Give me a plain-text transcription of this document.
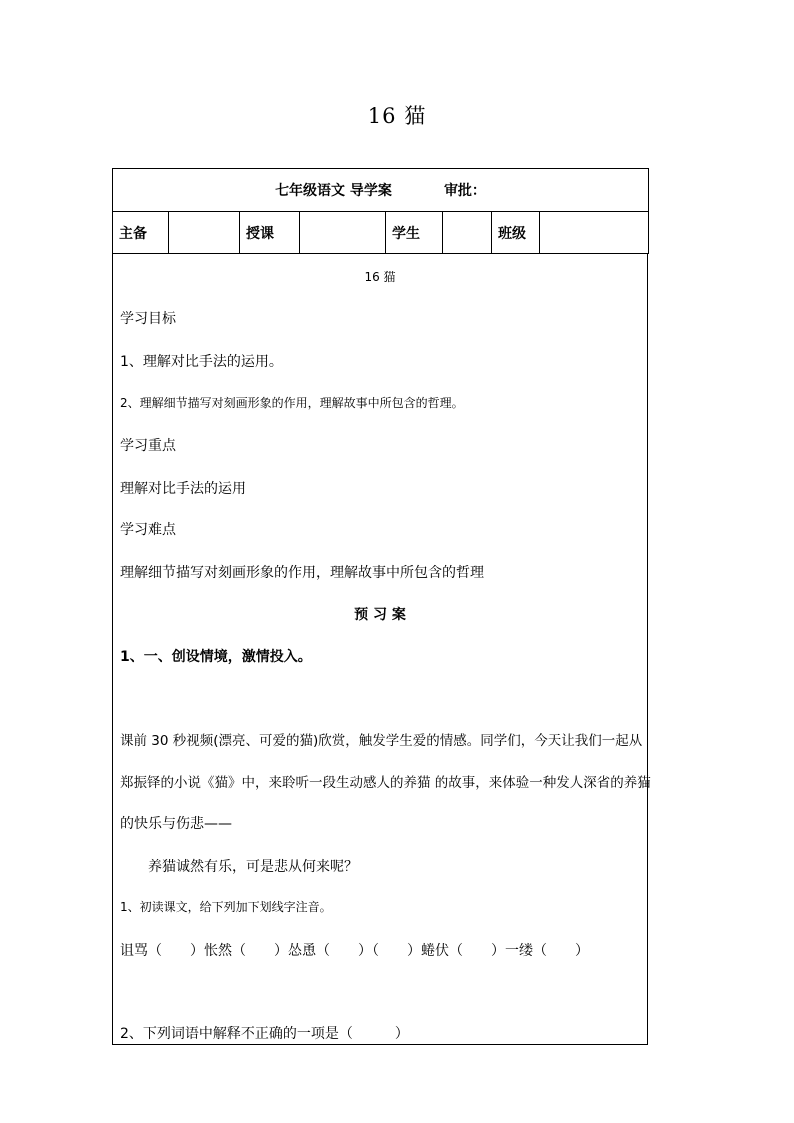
16 猫
七年级语文 导学案	审批：
主备		授课		学生		班级	
16 猫
学习目标
1、理解对比手法的运用。
2、理解细节描写对刻画形象的作用，理解故事中所包含的哲理。
学习重点
理解对比手法的运用
学习难点
理解细节描写对刻画形象的作用，理解故事中所包含的哲理
预 习 案
1、一、创设情境，激情投入。
课前 30 秒视频(漂亮、可爱的猫)欣赏，触发学生爱的情感。同学们，今天让我们一起从
郑振铎的小说《猫》中，来聆听一段生动感人的养猫 的故事，来体验一种发人深省的养猫
的快乐与伤悲——
养猫诚然有乐，可是悲从何来呢？
1、初读课文，给下列加下划线字注音。
诅骂（　　）怅然（　　）怂恿（　　）（　　）蜷伏（　　）一缕（　　）
2、下列词语中解释不正确的一项是（　　　）
